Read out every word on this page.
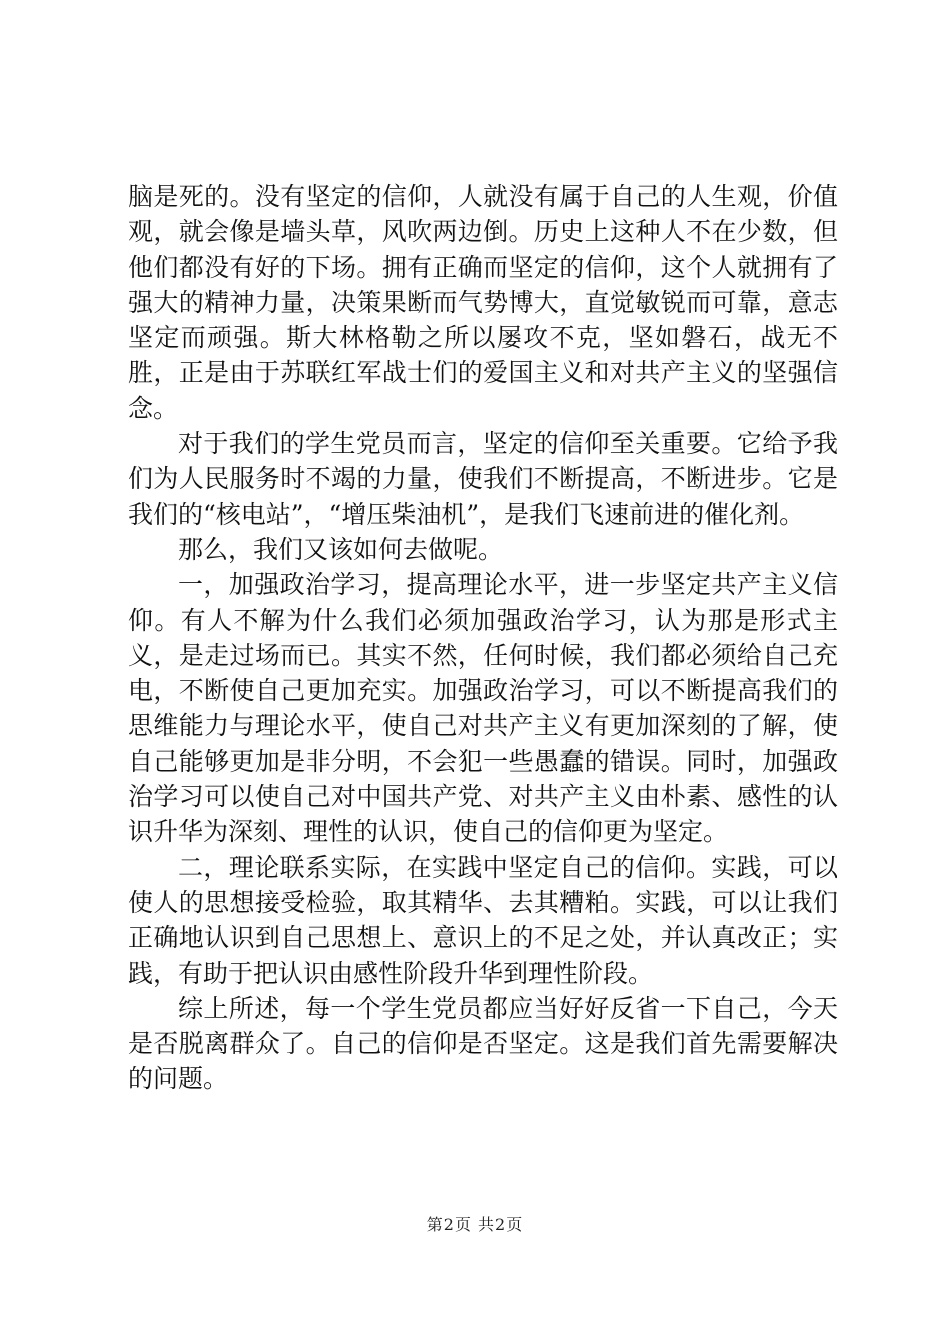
脑是死的。没有坚定的信仰，人就没有属于自己的人生观，价值观，就会像是墙头草，风吹两边倒。历史上这种人不在少数，但他们都没有好的下场。拥有正确而坚定的信仰，这个人就拥有了强大的精神力量，决策果断而气势博大，直觉敏锐而可靠，意志坚定而顽强。斯大林格勒之所以屡攻不克，坚如磐石，战无不胜，正是由于苏联红军战士们的爱国主义和对共产主义的坚强信念。

对于我们的学生党员而言，坚定的信仰至关重要。它给予我们为人民服务时不竭的力量，使我们不断提高，不断进步。它是我们的“核电站”，“增压柴油机”，是我们飞速前进的催化剂。

那么，我们又该如何去做呢。

一，加强政治学习，提高理论水平，进一步坚定共产主义信仰。有人不解为什么我们必须加强政治学习，认为那是形式主义，是走过场而已。其实不然，任何时候，我们都必须给自己充电，不断使自己更加充实。加强政治学习，可以不断提高我们的思维能力与理论水平，使自己对共产主义有更加深刻的了解，使自己能够更加是非分明，不会犯一些愚蠢的错误。同时，加强政治学习可以使自己对中国共产党、对共产主义由朴素、感性的认识升华为深刻、理性的认识，使自己的信仰更为坚定。

二，理论联系实际，在实践中坚定自己的信仰。实践，可以使人的思想接受检验，取其精华、去其糟粕。实践，可以让我们正确地认识到自己思想上、意识上的不足之处，并认真改正；实践，有助于把认识由感性阶段升华到理性阶段。

综上所述，每一个学生党员都应当好好反省一下自己，今天是否脱离群众了。自己的信仰是否坚定。这是我们首先需要解决的问题。

第2页 共2页
